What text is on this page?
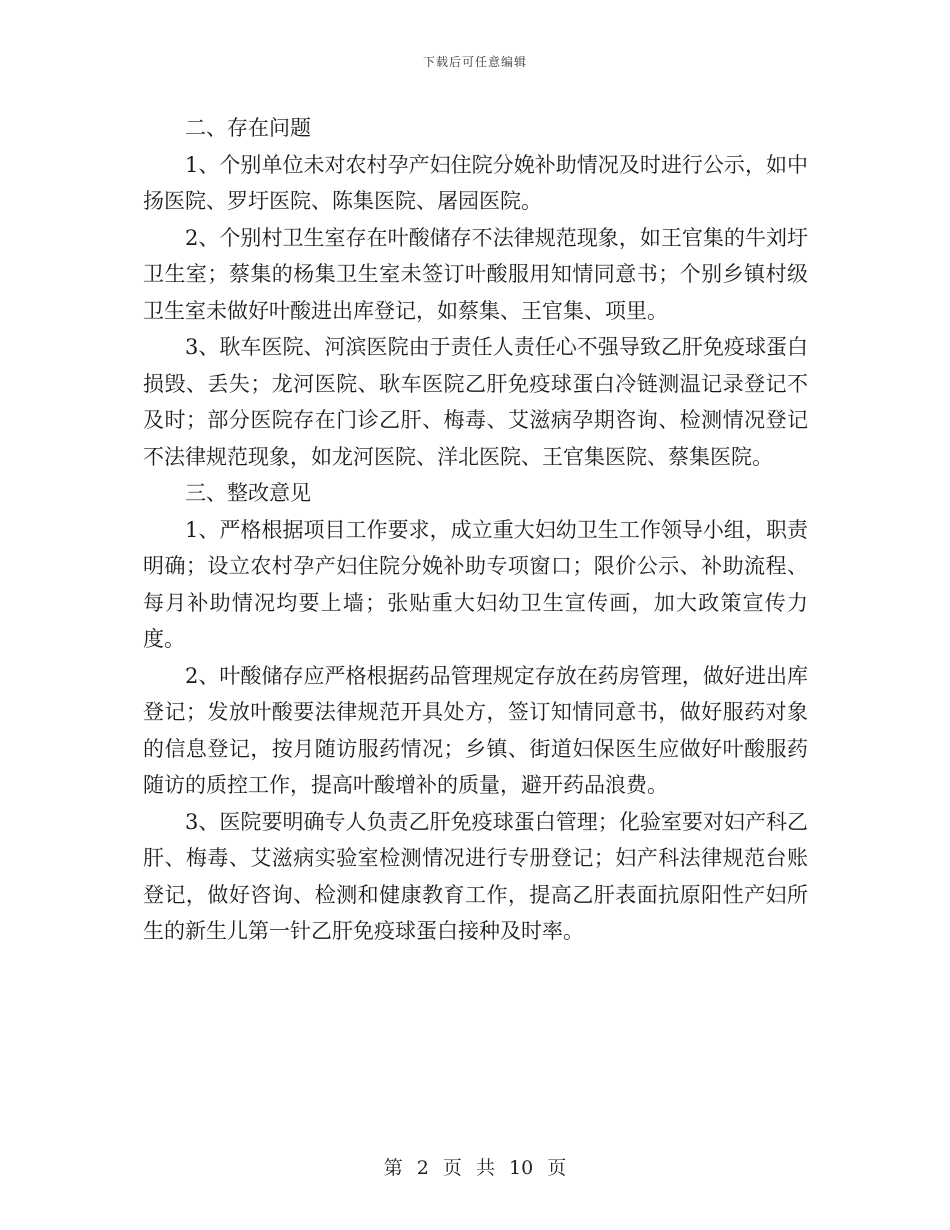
下载后可任意编辑

二、存在问题

1、个别单位未对农村孕产妇住院分娩补助情况及时进行公示，如中扬医院、罗圩医院、陈集医院、屠园医院。

2、个别村卫生室存在叶酸储存不法律规范现象，如王官集的牛刘圩卫生室；蔡集的杨集卫生室未签订叶酸服用知情同意书；个别乡镇村级卫生室未做好叶酸进出库登记，如蔡集、王官集、项里。

3、耿车医院、河滨医院由于责任人责任心不强导致乙肝免疫球蛋白损毁、丢失；龙河医院、耿车医院乙肝免疫球蛋白冷链测温记录登记不及时；部分医院存在门诊乙肝、梅毒、艾滋病孕期咨询、检测情况登记不法律规范现象，如龙河医院、洋北医院、王官集医院、蔡集医院。

三、整改意见

1、严格根据项目工作要求，成立重大妇幼卫生工作领导小组，职责明确；设立农村孕产妇住院分娩补助专项窗口；限价公示、补助流程、每月补助情况均要上墙；张贴重大妇幼卫生宣传画，加大政策宣传力度。

2、叶酸储存应严格根据药品管理规定存放在药房管理，做好进出库登记；发放叶酸要法律规范开具处方，签订知情同意书，做好服药对象的信息登记，按月随访服药情况；乡镇、街道妇保医生应做好叶酸服药随访的质控工作，提高叶酸增补的质量，避开药品浪费。

3、医院要明确专人负责乙肝免疫球蛋白管理；化验室要对妇产科乙肝、梅毒、艾滋病实验室检测情况进行专册登记；妇产科法律规范台账登记，做好咨询、检测和健康教育工作，提高乙肝表面抗原阳性产妇所生的新生儿第一针乙肝免疫球蛋白接种及时率。

第 2 页 共 10 页
